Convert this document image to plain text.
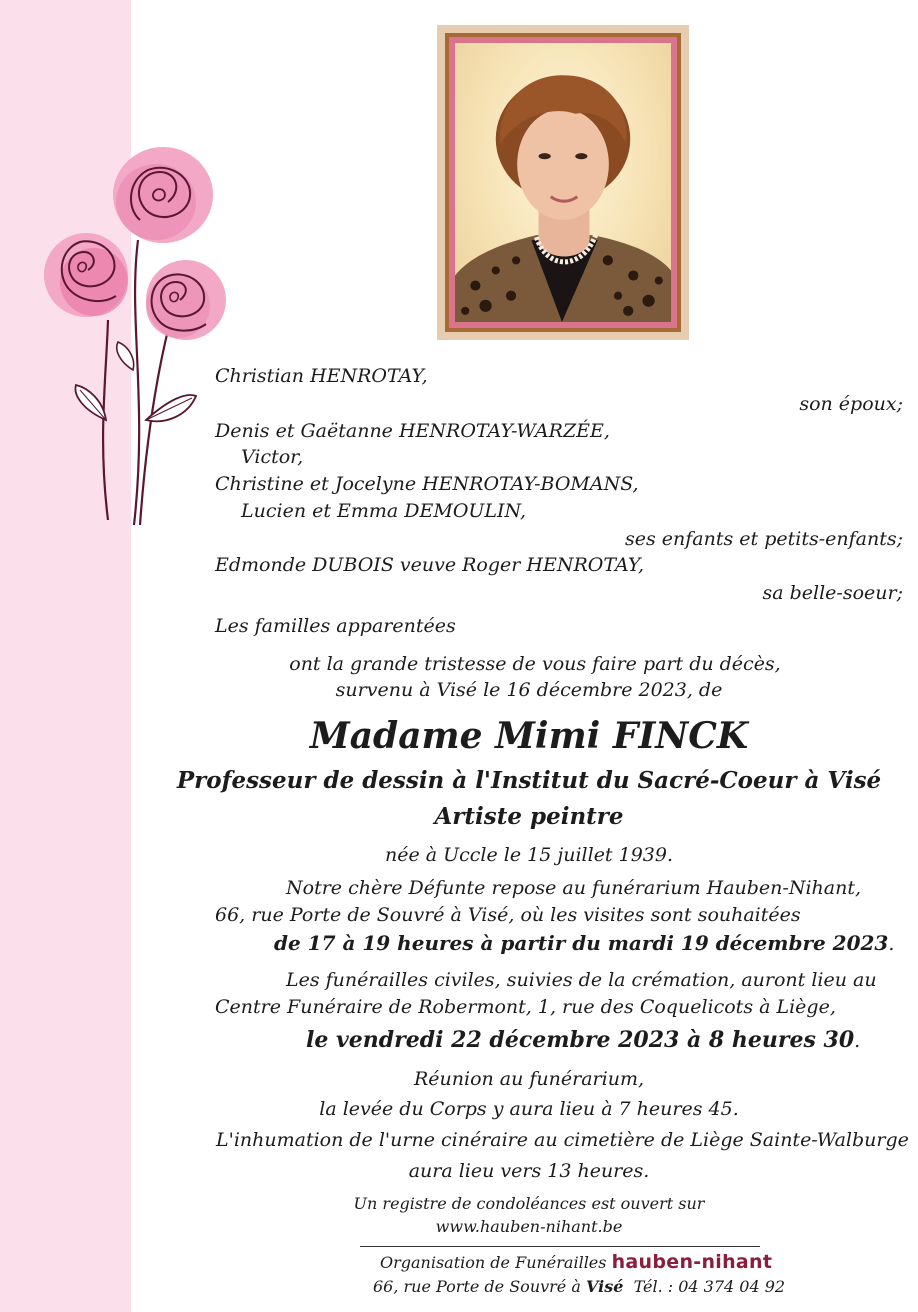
Christian HENROTAY,
son époux;
Denis et Gaëtanne HENROTAY-WARZÉE,
Victor,
Christine et Jocelyne HENROTAY-BOMANS,
Lucien et Emma DEMOULIN,
ses enfants et petits-enfants;
Edmonde DUBOIS veuve Roger HENROTAY,
sa belle-soeur;
Les familles apparentées
ont la grande tristesse de vous faire part du décès,
survenu à Visé le 16 décembre 2023, de
Madame Mimi FINCK
Professeur de dessin à l'Institut du Sacré-Coeur à Visé
Artiste peintre
née à Uccle le 15 juillet 1939.
Notre chère Défunte repose au funérarium Hauben-Nihant,
66, rue Porte de Souvré à Visé, où les visites sont souhaitées
de 17 à 19 heures à partir du mardi 19 décembre 2023.
Les funérailles civiles, suivies de la crémation, auront lieu au
Centre Funéraire de Robermont, 1, rue des Coquelicots à Liège,
le vendredi 22 décembre 2023 à 8 heures 30.
Réunion au funérarium,
la levée du Corps y aura lieu à 7 heures 45.
L'inhumation de l'urne cinéraire au cimetière de Liège Sainte-Walburge
aura lieu vers 13 heures.
Un registre de condoléances est ouvert sur
www.hauben-nihant.be
Organisation de Funérailles hauben-nihant
66, rue Porte de Souvré à Visé Tél. : 04 374 04 92
